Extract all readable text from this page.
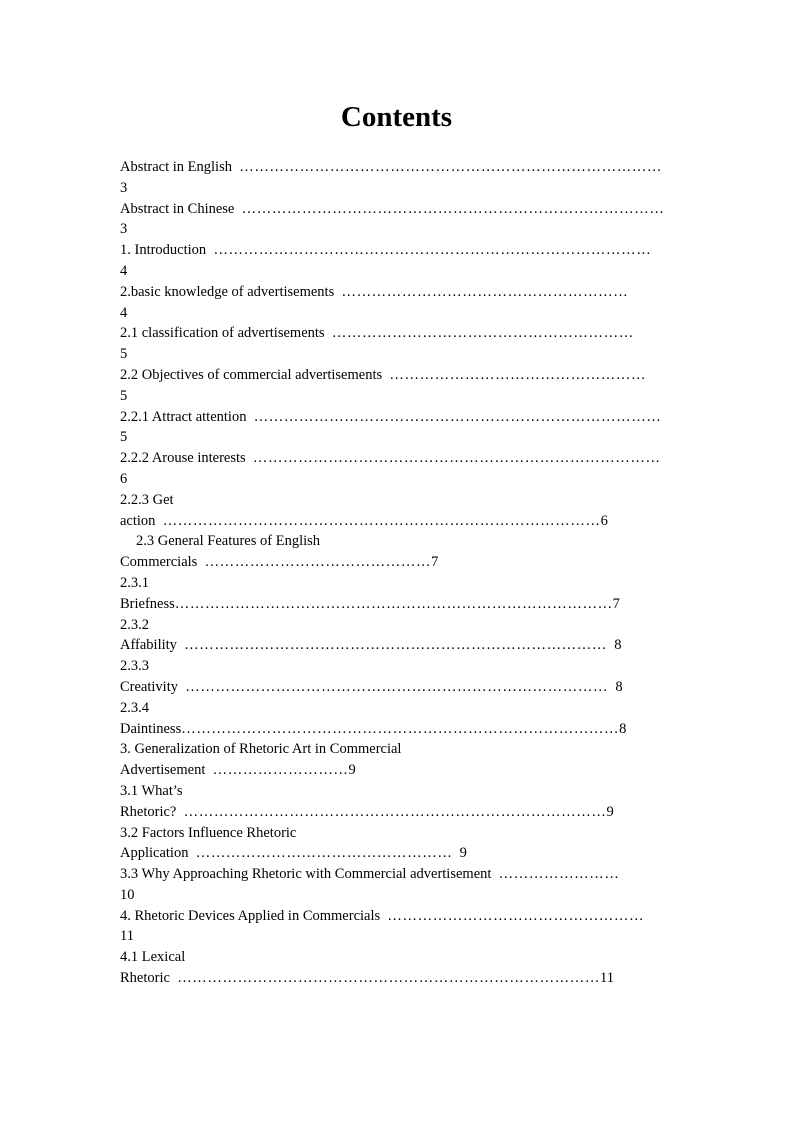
Contents
Abstract in English  …………………………………………………………………………
3
Abstract in Chinese  …………………………………………………………………………
3
1. Introduction  ……………………………………………………………………………
4
2.basic knowledge of advertisements  …………………………………………………
4
2.1 classification of advertisements  ……………………………………………………
5
2.2 Objectives of commercial advertisements  ……………………………………………
5
2.2.1 Attract attention  ………………………………………………………………………
5
2.2.2 Arouse interests  ………………………………………………………………………
6
2.2.3 Get
action  ……………………………………………………………………………6
2.3 General Features of English
Commercials  ………………………………………7
2.3.1
Briefness……………………………………………………………………………7
2.3.2
Affability  …………………………………………………………………………  8
2.3.3
Creativity  …………………………………………………………………………  8
2.3.4
Daintiness……………………………………………………………………………8
3. Generalization of Rhetoric Art in Commercial
Advertisement  ………………………9
3.1 What’s
Rhetoric?  …………………………………………………………………………9
3.2 Factors Influence Rhetoric
Application  ……………………………………………  9
3.3 Why Approaching Rhetoric with Commercial advertisement  ……………………
10
4. Rhetoric Devices Applied in Commercials  ……………………………………………
11
4.1 Lexical
Rhetoric  …………………………………………………………………………11
